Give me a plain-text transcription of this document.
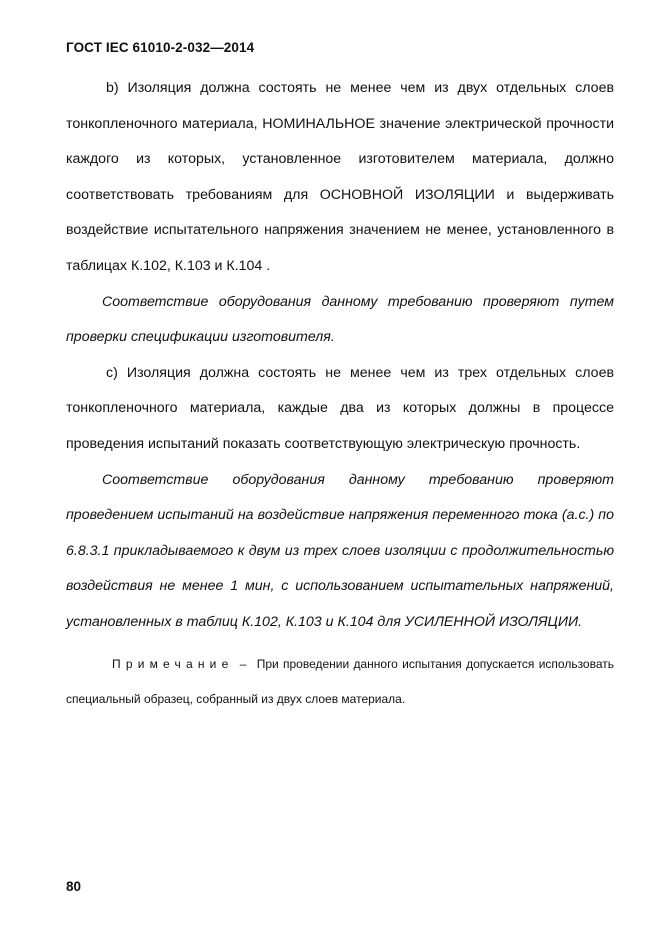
ГОСТ IEC 61010-2-032—2014

b) Изоляция должна состоять не менее чем из двух отдельных слоев тонкопленочного материала, НОМИНАЛЬНОЕ значение электрической прочности каждого из которых, установленное изготовителем материала, должно соответствовать требованиям для ОСНОВНОЙ ИЗОЛЯЦИИ и выдерживать воздействие испытательного напряжения значением не менее, установленного в таблицах К.102, К.103 и К.104 .

Соответствие оборудования данному требованию проверяют путем проверки спецификации изготовителя.

с) Изоляция должна состоять не менее чем из трех отдельных слоев тонкопленочного материала, каждые два из которых должны в процессе проведения испытаний показать соответствующую электрическую прочность.

Соответствие оборудования данному требованию проверяют проведением испытаний на воздействие напряжения переменного тока (а.с.) по 6.8.3.1 прикладываемого к двум из трех слоев изоляции с продолжительностью воздействия не менее 1 мин, с использованием испытательных напряжений, установленных в таблиц К.102, К.103 и К.104 для УСИЛЕННОЙ ИЗОЛЯЦИИ.

Примечание – При проведении данного испытания допускается использовать специальный образец, собранный из двух слоев материала.

80
